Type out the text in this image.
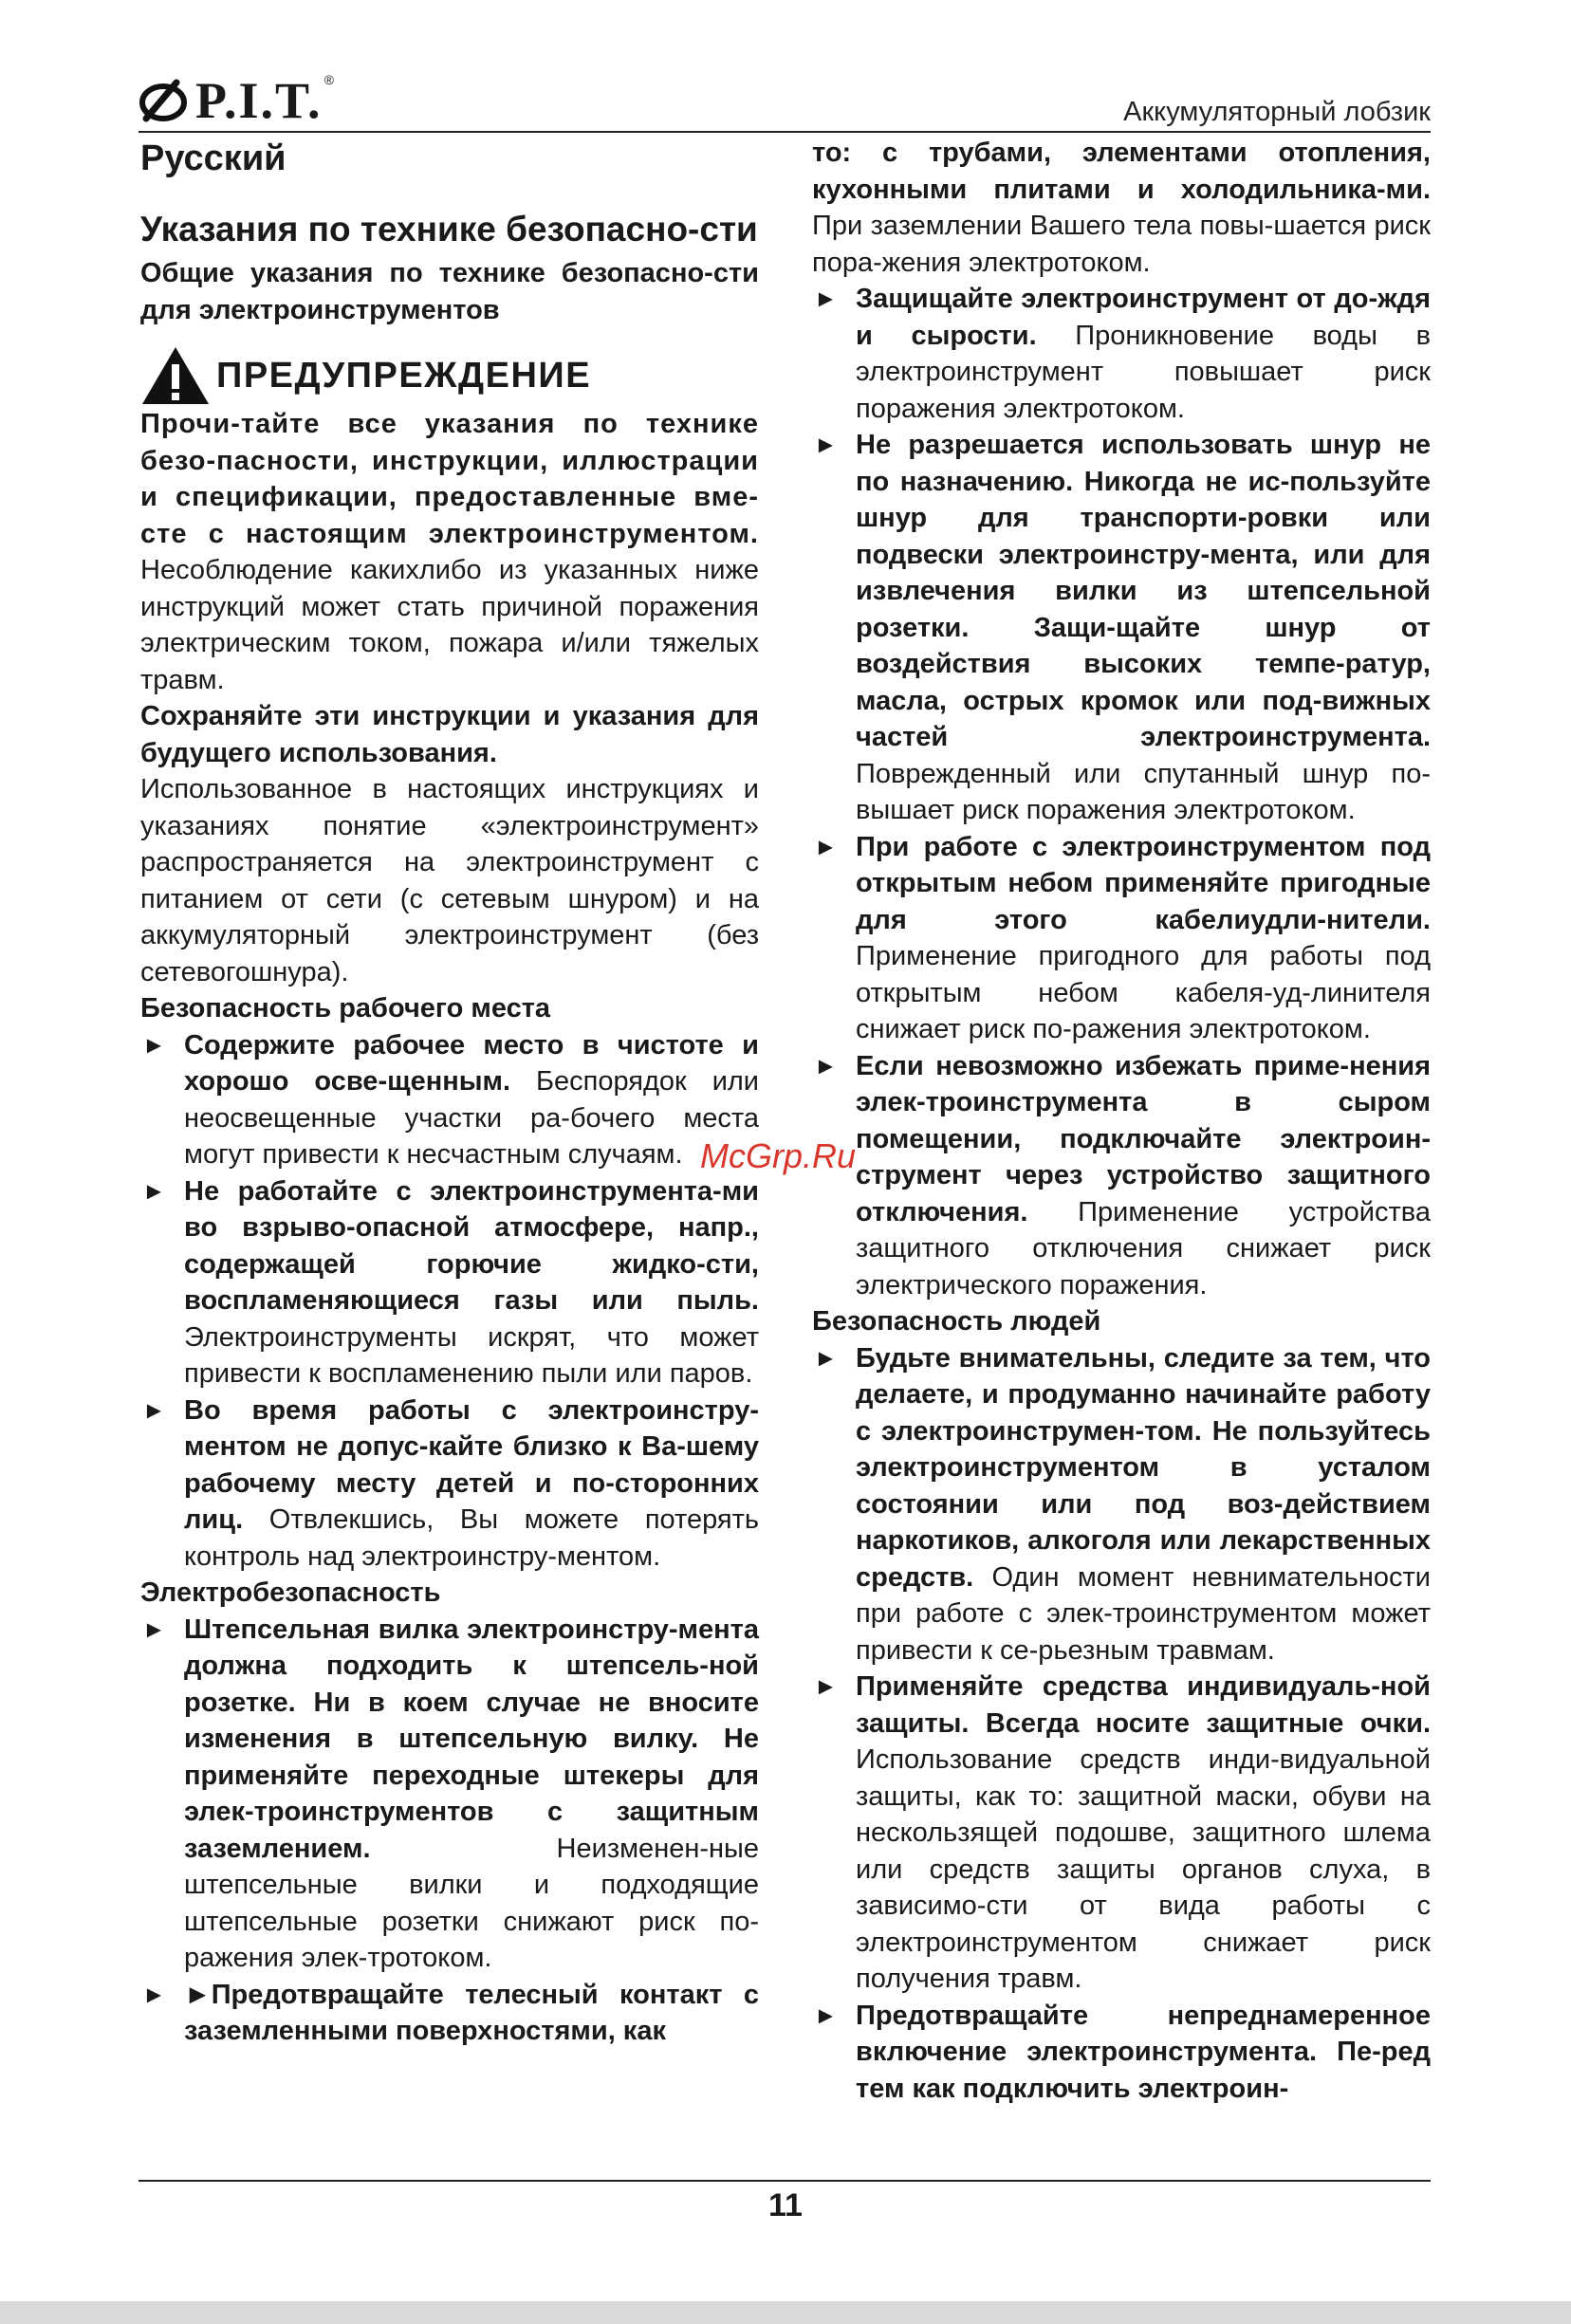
P.I.T. ®
Аккумуляторный лобзик

Русский

Указания по технике безопасно-сти

Общие указания по технике безопасно-сти для электроинструментов

ПРЕДУПРЕЖДЕНИЕ

Прочи-тайте все указания по технике безо-пасности, инструкции, иллюстрации и спецификации, предоставленные вме-сте с настоящим электроинструментом. Несоблюдение какихлибо из указанных ниже инструкций может стать причиной поражения электрическим током, пожара и/или тяжелых травм.

Сохраняйте эти инструкции и указания для будущего использования.

Использованное в настоящих инструкциях и указаниях понятие «электроинструмент» распространяется на электроинструмент с питанием от сети (с сетевым шнуром) и на аккумуляторный электроинструмент (без сетевогошнура).

Безопасность рабочего места

► Содержите рабочее место в чистоте и хорошо осве-щенным. Беспорядок или неосвещенные участки ра-бочего места могут привести к несчастным случаям.
► Не работайте с электроинструмента-ми во взрыво-опасной атмосфере, напр., содержащей горючие жидко-сти, воспламеняющиеся газы или пыль. Электроинструменты искрят, что может привести к воспламенению пыли или паров.
► Во время работы с электроинстру-ментом не допус-кайте близко к Ва-шему рабочему месту детей и по-сторонних лиц. Отвлекшись, Вы можете потерять контроль над электроинстру-ментом.

Электробезопасность

► Штепсельная вилка электроинстру-мента должна подходить к штепсель-ной розетке. Ни в коем случае не вносите изменения в штепсельную вилку. Не применяйте переходные штекеры для элек-троинструментов с защитным заземлением. Неизменен-ные штепсельные вилки и подходящие штепсельные розетки снижают риск по-ражения элек-тротоком.
► ►Предотвращайте телесный контакт с заземленными поверхностями, как

то: с трубами, элементами отопления, кухонными плитами и холодильника-ми. При заземлении Вашего тела повы-шается риск пора-жения электротоком.

► Защищайте электроинструмент от до-ждя и сырости. Проникновение воды в электроинструмент повышает риск поражения электротоком.
► Не разрешается использовать шнур не по назначению. Никогда не ис-пользуйте шнур для транспорти-ровки или подвески электроинстру-мента, или для извлечения вилки из штепсельной розетки. Защи-щайте шнур от воздействия высоких темпе-ратур, масла, острых кромок или под-вижных частей электроинструмента. Поврежденный или спутанный шнур по-вышает риск поражения электротоком.
► При работе с электроинструментом под открытым небом применяйте пригодные для этого кабелиудли-нители. Применение пригодного для работы под открытым небом кабеля-уд-линителя снижает риск по-ражения электротоком.
► Если невозможно избежать приме-нения элек-троинструмента в сыром помещении, подключайте электроин-струмент через устройство защитного отключения. Применение устройства защитного отключения снижает риск электрического поражения.

Безопасность людей

► Будьте внимательны, следите за тем, что делаете, и продуманно начинайте работу с электроинструмен-том. Не пользуйтесь электроинструментом в усталом состоянии или под воз-действием наркотиков, алкоголя или лекарственных средств. Один момент невнимательности при работе с элек-троинструментом может привести к се-рьезным травмам.
► Применяйте средства индивидуаль-ной защиты. Всегда носите защитные очки. Использование средств инди-видуальной защиты, как то: защитной маски, обуви на нескользящей подошве, защитного шлема или средств защиты органов слуха, в зависимо-сти от вида работы с электроинструментом снижает риск получения травм.
► Предотвращайте непреднамеренное включение электроинструмента. Пе-ред тем как подключить электроин-
McGrp.Ru
11
